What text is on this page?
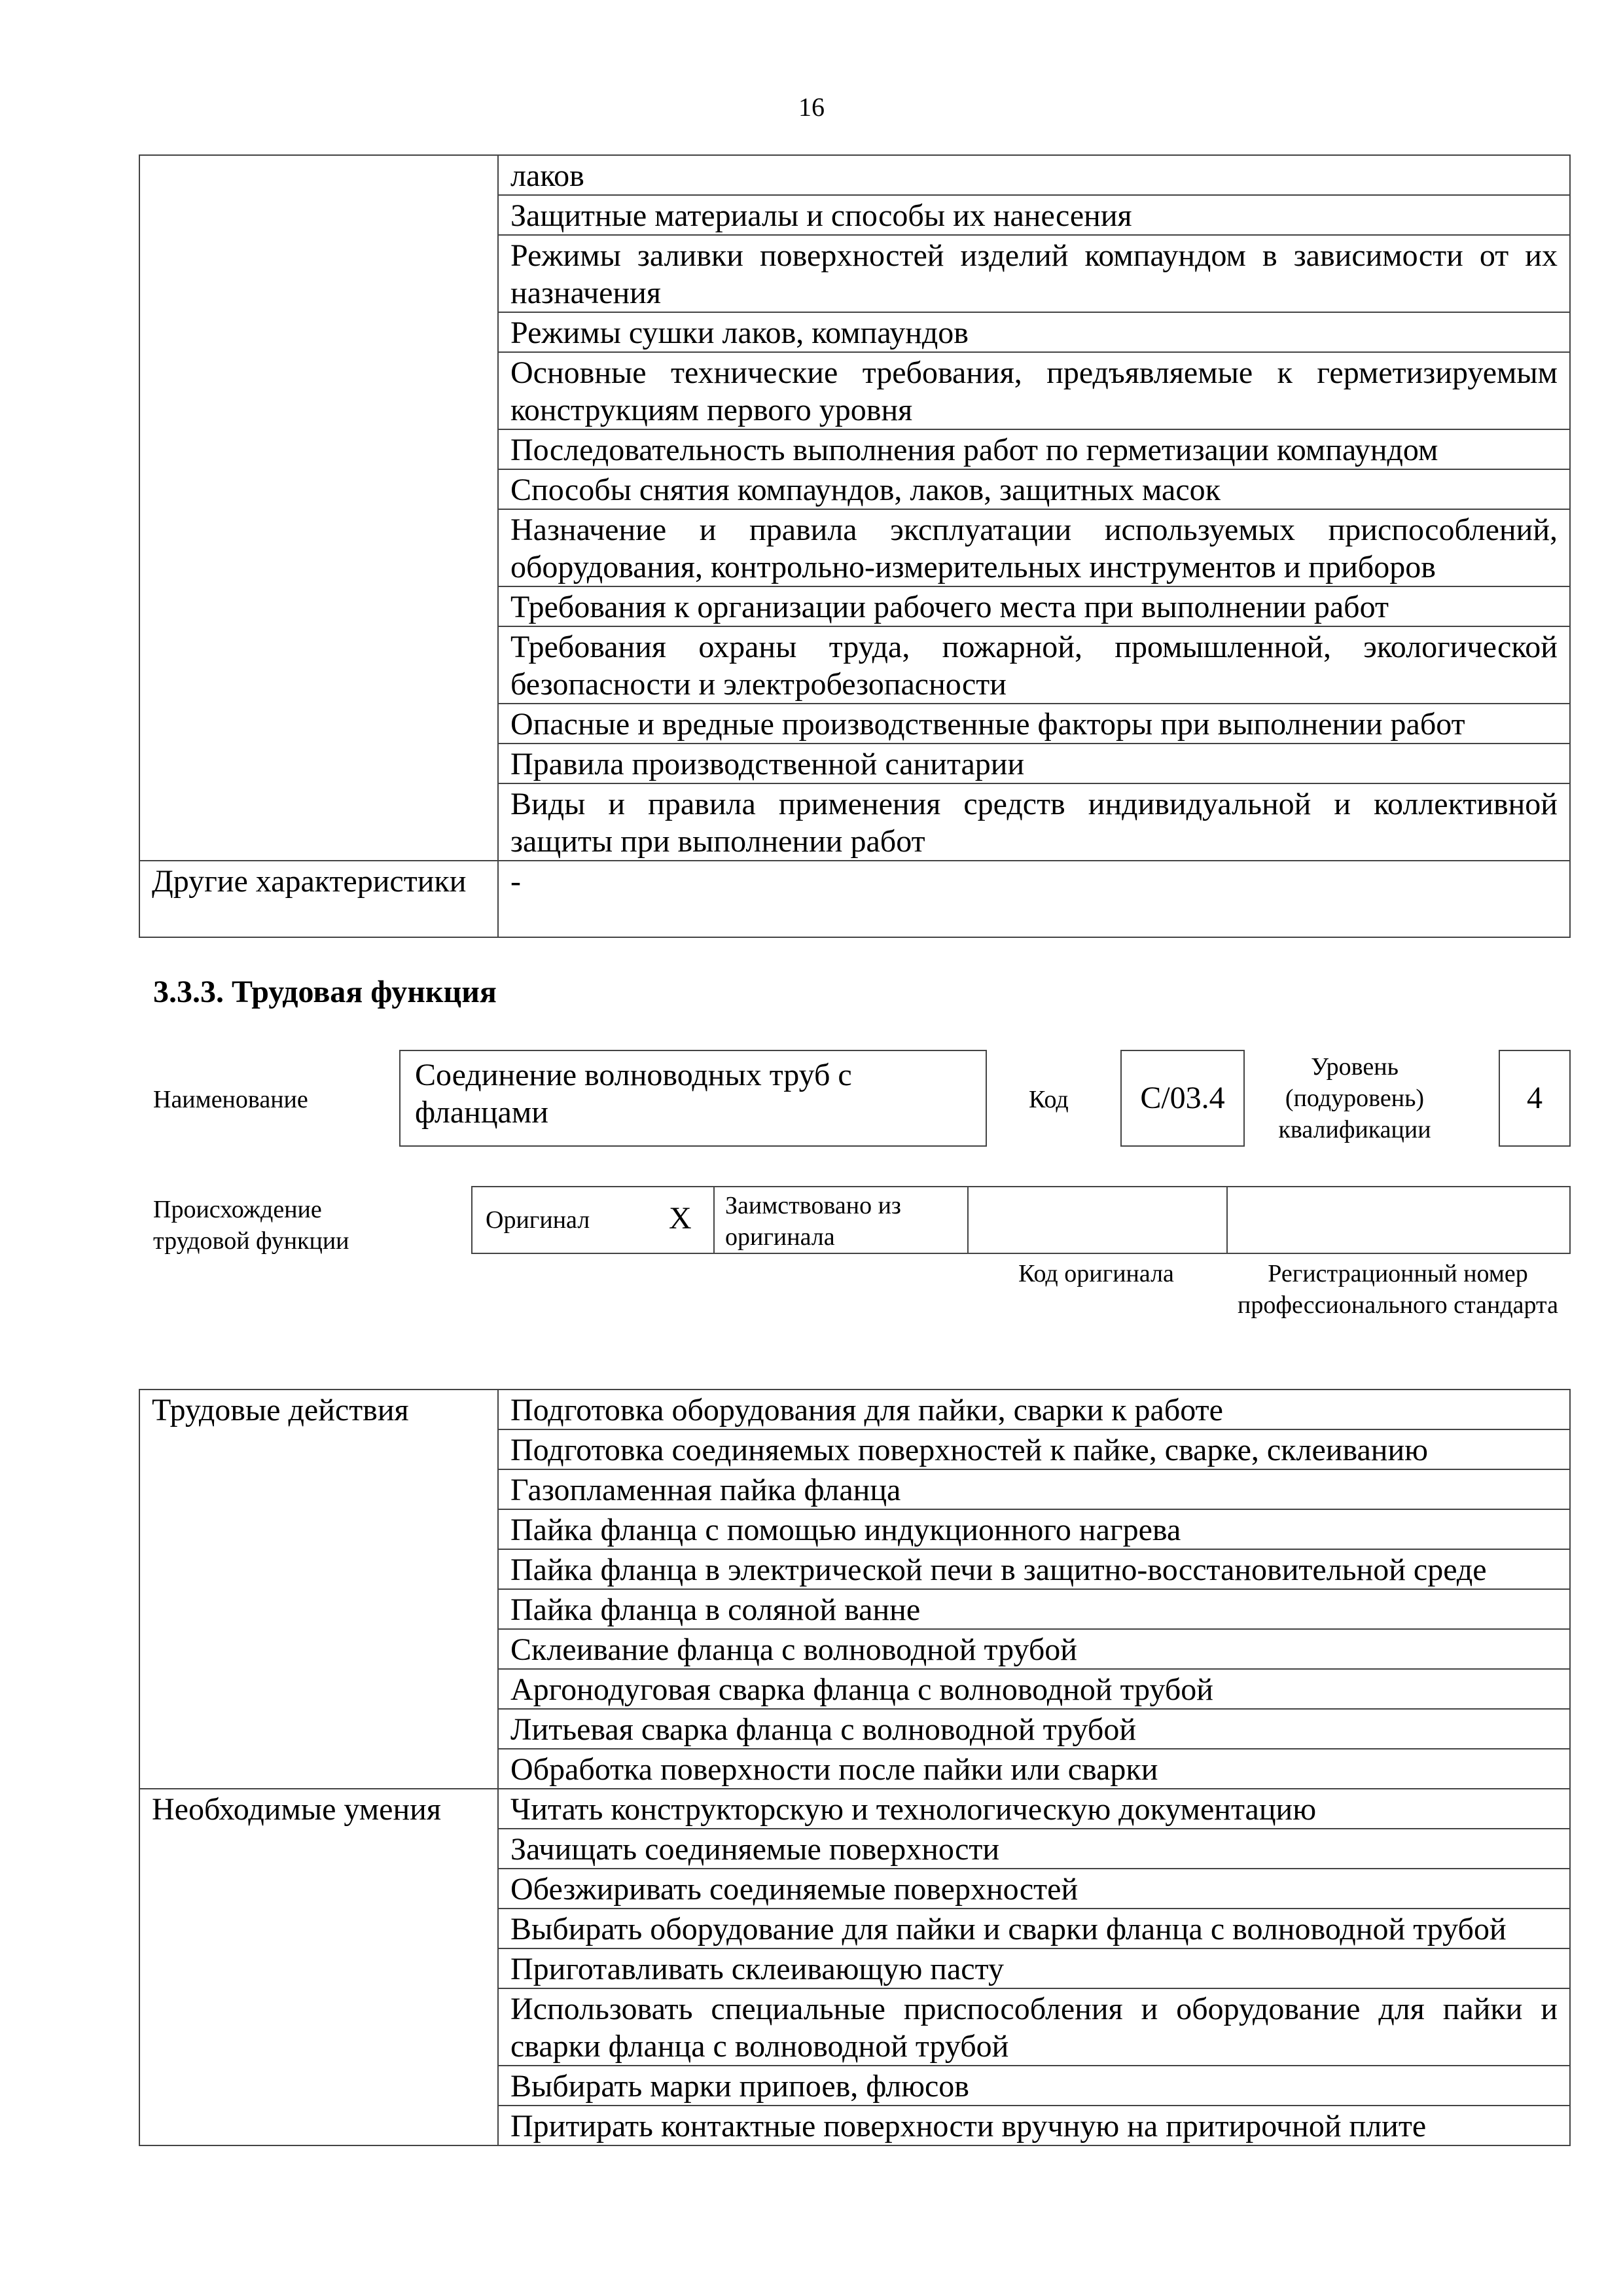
16
	лаков
	Защитные материалы и способы их нанесения
	Режимы заливки поверхностей изделий компаундом в зависимости от их назначения
	Режимы сушки лаков, компаундов
	Основные технические требования, предъявляемые к герметизируемым конструкциям первого уровня
	Последовательность выполнения работ по герметизации компаундом
	Способы снятия компаундов, лаков, защитных масок
	Назначение и правила эксплуатации используемых приспособлений, оборудования, контрольно-измерительных инструментов и приборов
	Требования к организации рабочего места при выполнении работ
	Требования охраны труда, пожарной, промышленной, экологической безопасности и электробезопасности
	Опасные и вредные производственные факторы при выполнении работ
	Правила производственной санитарии
	Виды и правила применения средств индивидуальной и коллективной защиты при выполнении работ
Другие характеристики	-
3.3.3. Трудовая функция
Наименование
Соединение волноводных труб с фланцами	Код	C/03.4
Уровень (подуровень) квалификации
4
Происхождение трудовой функции
Оригинал	X Заимствовано из оригинала
Код оригинала	Регистрационный номер профессионального стандарта
Трудовые действия	Подготовка оборудования для пайки, сварки к работе
	Подготовка соединяемых поверхностей к пайке, сварке, склеиванию
	Газопламенная пайка фланца
	Пайка фланца с помощью индукционного нагрева
	Пайка фланца в электрической печи в защитно-восстановительной среде
	Пайка фланца в соляной ванне
	Склеивание фланца с волноводной трубой
	Аргонодуговая сварка фланца с волноводной трубой
	Литьевая сварка фланца с волноводной трубой
	Обработка поверхности после пайки или сварки
Необходимые умения	Читать конструкторскую и технологическую документацию
	Зачищать соединяемые поверхности
	Обезжиривать соединяемые поверхностей
	Выбирать оборудование для пайки и сварки фланца с волноводной трубой
	Приготавливать склеивающую пасту
	Использовать специальные приспособления и оборудование для пайки и сварки фланца с волноводной трубой
	Выбирать марки припоев, флюсов
	Притирать контактные поверхности вручную на притирочной плите
